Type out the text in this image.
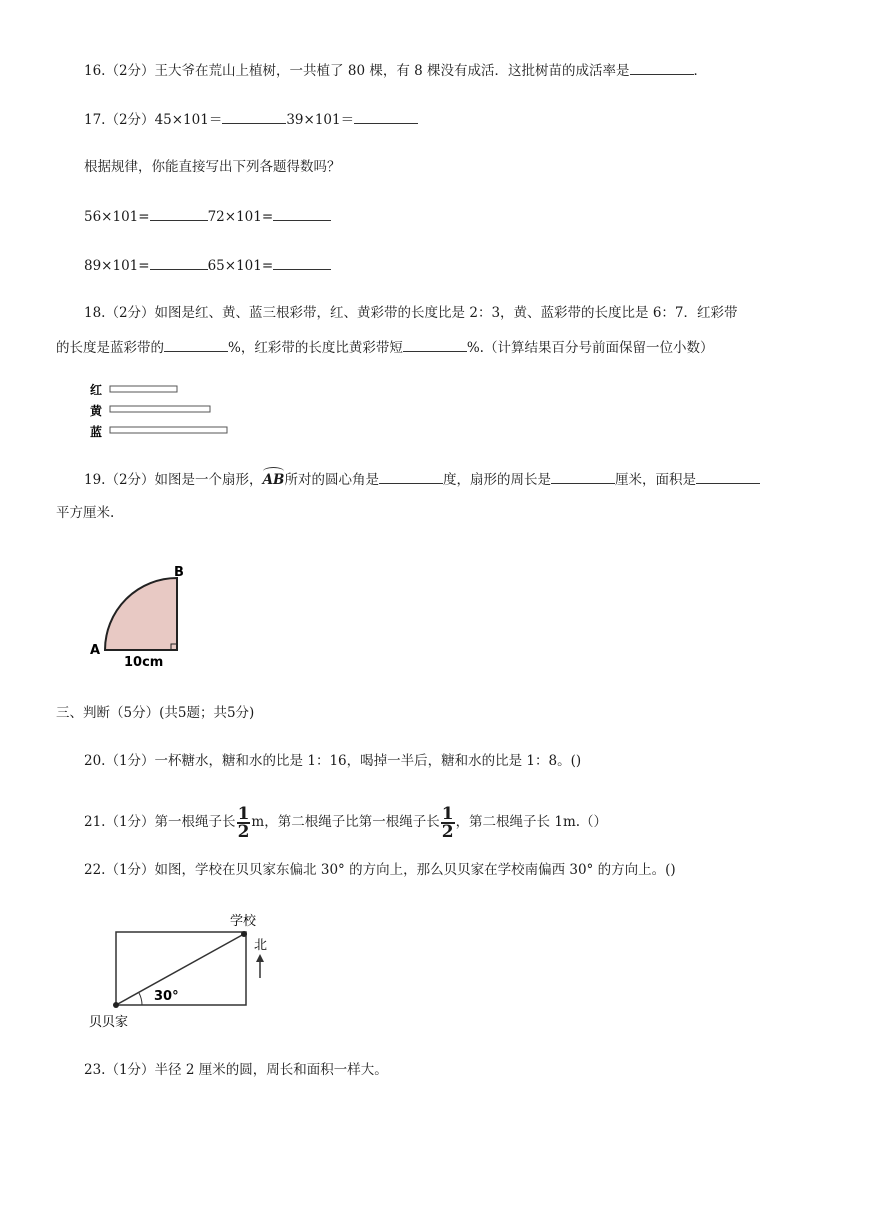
16.（2分）王大爷在荒山上植树，一共植了 80 棵，有 8 棵没有成活．这批树苗的成活率是	．
17.（2分）45×101＝	39×101＝
根据规律，你能直接写出下列各题得数吗？
56×101=	72×101=
89×101=	65×101=
18.（2分）如图是红、黄、蓝三根彩带，红、黄彩带的长度比是 2：3，黄、蓝彩带的长度比是 6：7．红彩带
的长度是蓝彩带的	%，红彩带的长度比黄彩带短	%.（计算结果百分号前面保留一位小数）
红
黄
蓝
19.（2分）如图是一个扇形，AB所对的圆心角是	度，扇形的周长是	厘米，面积是
平方厘米.
B
A
10cm
三、判断（5分）(共5题；共5分)
20.（1分）一杯糖水，糖和水的比是 1：16，喝掉一半后，糖和水的比是 1：8。()
21.（1分）第一根绳子长 $\frac{1}{2}$ m，第二根绳子比第一根绳子长 $\frac{1}{2}$ ，第二根绳子长 1m.（）
22.（1分）如图，学校在贝贝家东偏北 30° 的方向上，那么贝贝家在学校南偏西 30° 的方向上。()
30°
学校
贝贝家
北
23.（1分）半径 2 厘米的圆，周长和面积一样大。
